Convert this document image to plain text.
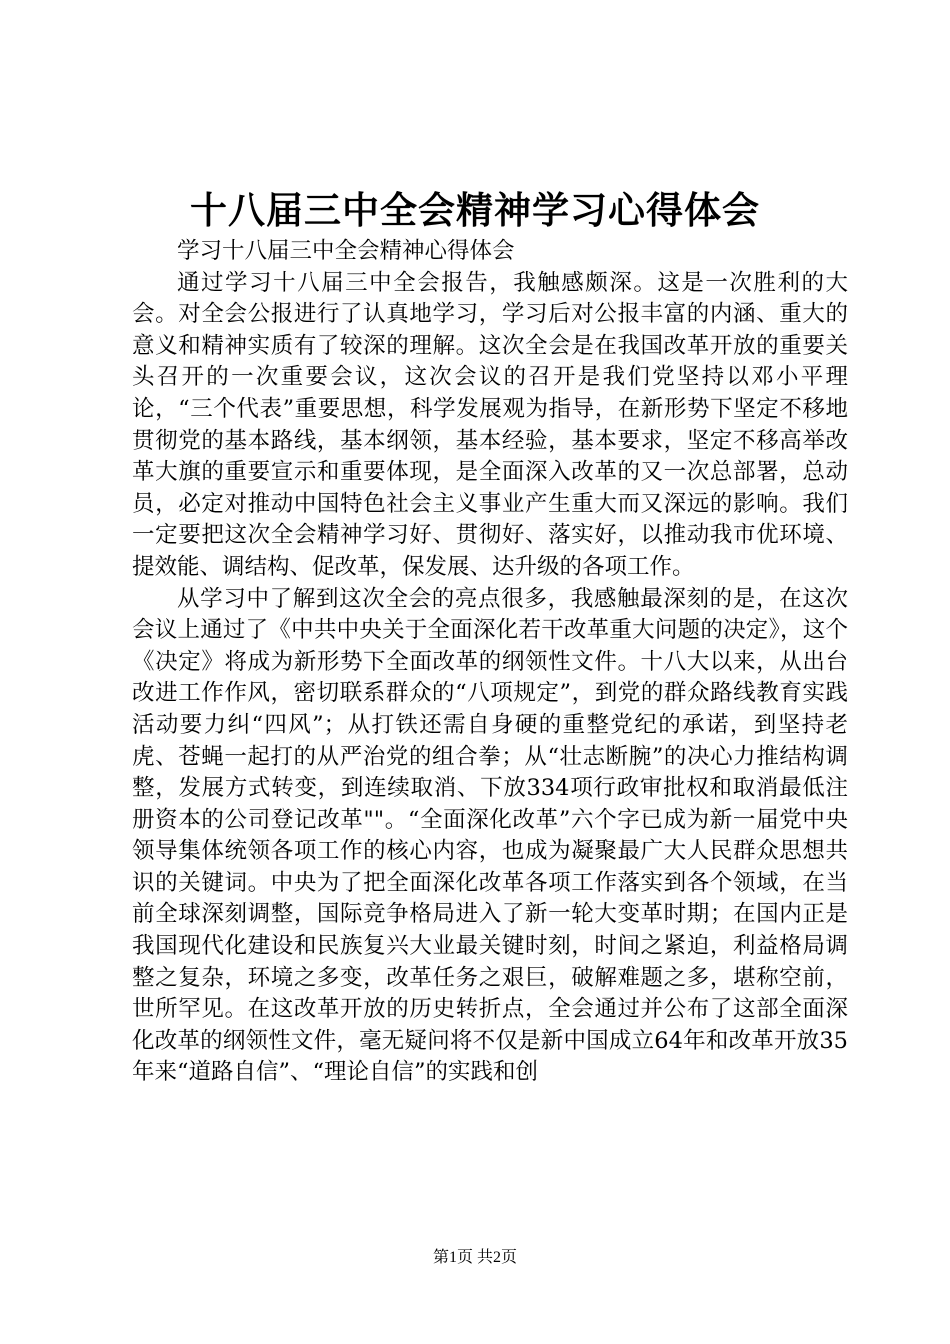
十八届三中全会精神学习心得体会

学习十八届三中全会精神心得体会

通过学习十八届三中全会报告，我触感颇深。这是一次胜利的大会。对全会公报进行了认真地学习，学习后对公报丰富的内涵、重大的意义和精神实质有了较深的理解。这次全会是在我国改革开放的重要关头召开的一次重要会议，这次会议的召开是我们党坚持以邓小平理论，“三个代表”重要思想，科学发展观为指导，在新形势下坚定不移地贯彻党的基本路线，基本纲领，基本经验，基本要求，坚定不移高举改革大旗的重要宣示和重要体现，是全面深入改革的又一次总部署，总动员，必定对推动中国特色社会主义事业产生重大而又深远的影响。我们一定要把这次全会精神学习好、贯彻好、落实好，以推动我市优环境、提效能、调结构、促改革，保发展、达升级的各项工作。

从学习中了解到这次全会的亮点很多，我感触最深刻的是，在这次会议上通过了《中共中央关于全面深化若干改革重大问题的决定》，这个《决定》将成为新形势下全面改革的纲领性文件。十八大以来，从出台改进工作作风，密切联系群众的“八项规定”，到党的群众路线教育实践活动要力纠“四风”；从打铁还需自身硬的重整党纪的承诺，到坚持老虎、苍蝇一起打的从严治党的组合拳；从“壮志断腕”的决心力推结构调整，发展方式转变，到连续取消、下放334项行政审批权和取消最低注册资本的公司登记改革""。“全面深化改革”六个字已成为新一届党中央领导集体统领各项工作的核心内容，也成为凝聚最广大人民群众思想共识的关键词。中央为了把全面深化改革各项工作落实到各个领域，在当前全球深刻调整，国际竞争格局进入了新一轮大变革时期；在国内正是我国现代化建设和民族复兴大业最关键时刻，时间之紧迫，利益格局调整之复杂，环境之多变，改革任务之艰巨，破解难题之多，堪称空前，世所罕见。在这改革开放的历史转折点，全会通过并公布了这部全面深化改革的纲领性文件，毫无疑问将不仅是新中国成立64年和改革开放35年来“道路自信”、“理论自信”的实践和创

第1页 共2页
